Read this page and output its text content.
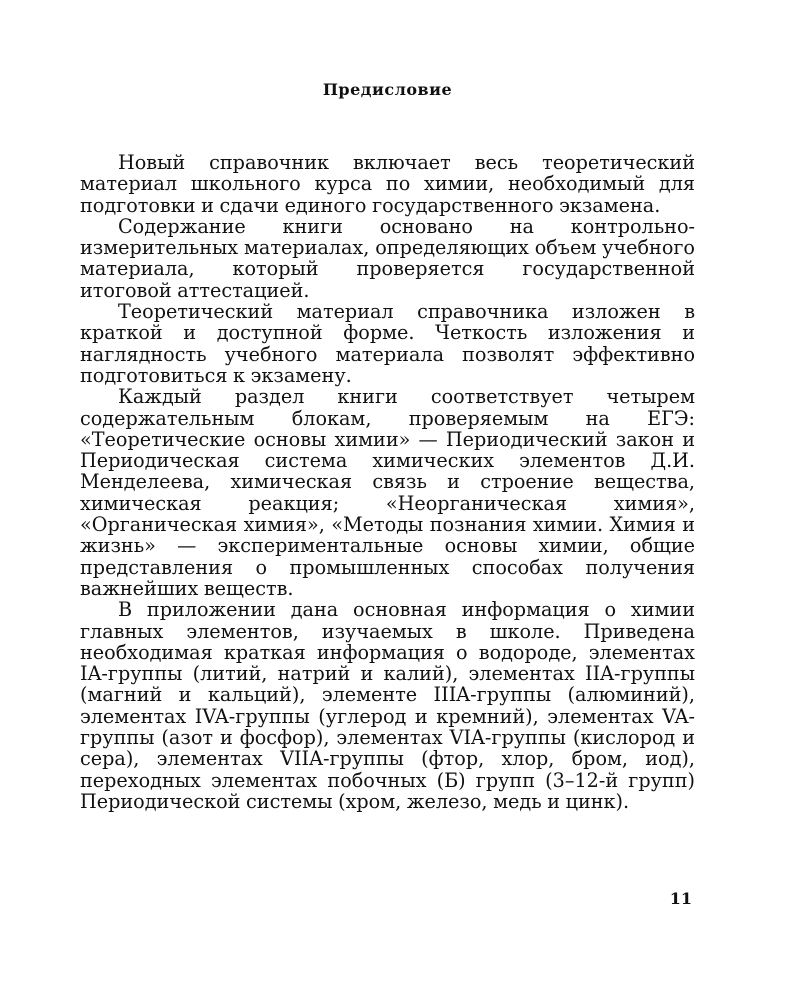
Предисловие

Новый справочник включает весь теоретический материал школьного курса по химии, необходимый для подготовки и сдачи единого государственного экзамена.

Содержание книги основано на контрольно-измерительных материалах, определяющих объем учебного материала, который проверяется государственной итоговой аттестацией.

Теоретический материал справочника изложен в краткой и доступной форме. Четкость изложения и наглядность учебного материала позволят эффективно подготовиться к экзамену.

Каждый раздел книги соответствует четырем содержательным блокам, проверяемым на ЕГЭ: «Теоретические основы химии» — Периодический закон и Периодическая система химических элементов Д.И. Менделеева, химическая связь и строение вещества, химическая реакция; «Неорганическая химия», «Органическая химия», «Методы познания химии. Химия и жизнь» — экспериментальные основы химии, общие представления о промышленных способах получения важнейших веществ.

В приложении дана основная информация о химии главных элементов, изучаемых в школе. Приведена необходимая краткая информация о водороде, элементах IA-группы (литий, натрий и калий), элементах IIA-группы (магний и кальций), элементе IIIA-группы (алюминий), элементах IVA-группы (углерод и кремний), элементах VA-группы (азот и фосфор), элементах VIA-группы (кислород и сера), элементах VIIA-группы (фтор, хлор, бром, иод), переходных элементах побочных (Б) групп (3–12-й групп) Периодической системы (хром, железо, медь и цинк).

11
